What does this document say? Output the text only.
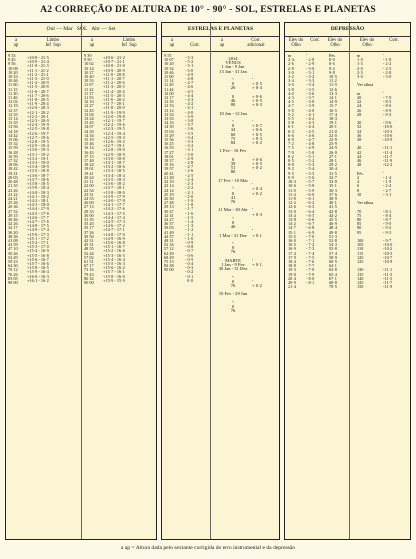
A2 CORREÇÃO DE ALTURA DE 10° - 90° - SOL, ESTRELAS E PLANETAS
Out — Mar SOL Abr — Set
a
ap
Limbo
Inf  Sup
a
ap
Limbo
Inf  Sup
9 33
9 45
9 56
10 08
10 20
10 33
10 46
11 00
11 15
11 30
11 46
12 02
12 19
12 37
12 55
13 14
13 35
13 56
14 18
14 42
15 06
15 32
15 59
16 28
16 59
17 32
18 06
18 42
19 21
20 03
20 48
21 35
22 26
23 22
24 21
25 26
26 36
27 52
29 15
30 46
32 26
34 17
36 20
38 36
41 08
43 59
47 10
50 46
54 49
59 23
64 30
70 12
76 26
83 05
90 00
+10·8 - 21·5
+10·9 - 21·4
+11·0 - 21·3
+11·1 - 21·2
+11·2 - 21·1
+11·3 - 21·0
+11·4 - 20·9
+11·5 - 20·8
+11·6 - 20·7
+11·7 - 20·6
+11·8 - 20·5
+11·9 - 20·4
+12·0 - 20·3
+12·1 - 20·2
+12·2 - 20·1
+12·3 - 20·0
+12·4 - 19·9
+12·5 - 19·8
+12·6 - 19·7
+12·7 - 19·6
+12·8 - 19·5
+12·9 - 19·4
+13·0 - 19·3
+13·1 - 19·2
+13·2 - 19·1
+13·3 - 19·0
+13·4 - 18·9
+13·5 - 18·8
+13·6 - 18·7
+13·7 - 18·6
+13·8 - 18·5
+13·9 - 18·4
+14·0 - 18·3
+14·1 - 18·2
+14·2 - 18·1
+14·3 - 18·0
+14·4 - 17·9
+14·5 - 17·8
+14·6 - 17·7
+14·7 - 17·6
+14·8 - 17·5
+14·9 - 17·4
+15·0 - 17·3
+15·1 - 17·2
+15·2 - 17·1
+15·3 - 17·0
+15·4 - 16·9
+15·5 - 16·8
+15·6 - 16·7
+15·7 - 16·6
+15·8 - 16·5
+15·9 - 16·4
+16·0 - 16·3
+16·1 - 16·2
9 39
9 50
10 02
10 14
10 27
10 40
10 53
11 07
11 22
11 37
11 53
12 10
12 27
12 45
13 04
13 24
13 45
14 07
14 30
14 54
15 19
15 46
16 14
16 43
17 15
17 48
18 24
19 01
19 41
20 24
21 11
22 00
22 54
23 51
24 53
26 00
27 13
28 33
30 00
31 35
33 20
35 17
37 26
39 50
42 31
45 31
48 55
52 44
57 02
61 51
67 17
73 16
79 43
86 32
90 00
+10·6 - 21·2
+10·7 - 21·1
+10·8 - 21·0
+10·9 - 20·9
+11·0 - 20·8
+11·1 - 20·7
+11·2 - 20·6
+11·3 - 20·5
+11·4 - 20·4
+11·5 - 20·3
+11·6 - 20·2
+11·7 - 20·1
+11·8 - 20·0
+11·9 - 19·9
+12·0 - 19·8
+12·1 - 19·7
+12·2 - 19·6
+12·3 - 19·5
+12·4 - 19·4
+12·5 - 19·3
+12·6 - 19·2
+12·7 - 19·1
+12·8 - 19·0
+12·9 - 18·9
+13·0 - 18·8
+13·1 - 18·7
+13·2 - 18·6
+13·3 - 18·5
+13·4 - 18·4
+13·5 - 18·3
+13·6 - 18·2
+13·7 - 18·1
+13·8 - 18·0
+13·9 - 17·9
+14·0 - 17·8
+14·1 - 17·7
+14·2 - 17·6
+14·3 - 17·5
+14·4 - 17·4
+14·5 - 17·3
+14·6 - 17·2
+14·7 - 17·1
+14·8 - 17·0
+14·9 - 16·9
+15·0 - 16·8
+15·1 - 16·7
+15·2 - 16·6
+15·3 - 16·5
+15·4 - 16·4
+15·5 - 16·3
+15·6 - 16·2
+15·7 - 16·1
+15·8 - 16·0
+15·9 - 15·9
ESTRELAS E PLANETAS
a
ap	
Corr.
a
ap
Corr.
adicional
9 55
10 07
10 20
10 32
10 46
11 00
11 14
11 29
11 44
12 00
12 17
12 35
12 53
13 12
13 32
13 53
14 16
14 39
15 03
15 29
15 56
16 25
16 55
17 27
18 01
18 37
19 16
19 57
20 41
21 28
22 19
23 14
24 14
25 19
26 30
27 48
29 13
30 47
32 31
34 27
36 37
39 03
41 49
44 57
48 31
52 34
57 12
62 29
68 29
75 13
82 38
90 00
- 5·3
- 5·2
- 5·1
- 5·0
- 4·9
- 4·8
- 4·7
- 4·6
- 4·5
- 4·4
- 4·3
- 4·2
- 4·1
- 4·0
- 3·9
- 3·8
- 3·7
- 3·6
- 3·5
- 3·4
- 3·3
- 3·2
- 3·1
- 3·0
- 2·9
- 2·8
- 2·7
- 2·6
- 2·5
- 2·4
- 2·3
- 2·2
- 2·1
- 2·0
- 1·9
- 1·8
- 1·7
- 1·6
- 1·5
- 1·4
- 1·3
- 1·2
- 1·1
- 1·0
- 0·9
- 0·8
- 0·7
- 0·6
- 0·5
- 0·4
- 0·3
- 0·2
- 0·1
0·0
2014
VÉNUS
1 Jan - 9 Jan
13 Jan - 31 Jan

°
0
26

0
46
80

10 Jan - 12 Jan

°
0
34
60
75
84

1 Fev - 16 Fev

0
39
51
80

17 Fev - 10 Mar

°
0
41
76

11 Mar - 30 Abr

°
0
46

1 Mai - 31 Dez

°
0
76

MARTE
1 Jan - 9 Fev
30 Jan - 31 Dez

°
0
76

10 Fev - 29 Jun

°
0
76

'
+ 0·5
+ 0·4

+ 0·6
+ 0·5
+ 0·3

'
+ 0·7
+ 0·6
+ 0·5
+ 0·3
+ 0·2

+ 0·6
+ 0·5
+ 0·2

'
+ 0·4
+ 0·2

'
+ 0·3

'
+ 0·1

'
+ 0·1

'
+ 0·2
DEPRESSÃO
Elev do
Olho
Corr.	Elev do
Olho
Elev do
Olho
Corr.
m
2·4
2·6
2·8
3·0
3·2
3·4
3·6
3·8
4·0
4·3
4·5
4·7
5·0
5·2
5·5
5·8
6·1
6·3
6·6
6·9
7·2
7·5
7·9
8·2
8·5
8·8
9·2
9·5
9·9
10·3
10·6
11·0
11·4
11·8
12·2
12·6
13·0
13·4
13·8
14·2
14·7
15·1
15·5
16·0
16·5
16·9
17·4
17·9
18·4
18·8
19·3
19·8
20·4
20·9
21·4
'
- 2·8
- 2·9
- 3·0
- 3·1
- 3·2
- 3·3
- 3·4
- 3·5
- 3·6
- 3·7
- 3·8
- 3·9
- 4·0
- 4·1
- 4·2
- 4·3
- 4·4
- 4·5
- 4·6
- 4·7
- 4·8
- 4·9
- 5·0
- 5·1
- 5·2
- 5·3
- 5·4
- 5·5
- 5·6
- 5·7
- 5·8
- 5·9
- 6·0
- 6·1
- 6·2
- 6·3
- 6·4
- 6·5
- 6·6
- 6·7
- 6·8
- 6·9
- 7·0
- 7·1
- 7·2
- 7·3
- 7·4
- 7·5
- 7·6
- 7·7
- 7·8
- 7·9
- 8·0
- 8·1
Pés
8·0
8·6
9·2
9·8
10·5
11·2
11·9
12·6
13·3
14·1
14·9
15·7
16·5
17·4
18·3
19·1
20·1
21·0
22·0
22·9
23·9
24·9
26·0
27·1
28·1
29·2
30·4
31·5
32·7
33·9
35·1
36·3
37·6
38·9
40·1
41·5
42·8
44·2
45·5
46·9
48·4
49·8
51·3
52·8
54·3
55·8
57·4
58·9
60·5
62·1
63·8
65·4
67·1
68·8
70·5
m
1·0
1·5
2·0
2·5
3·0

Ver tábua

m
20
22
24
26
28

30
32
34
36
38

40
42
44
46
48

Pés
2
4
6
8
10

Ver tábua

70
75
80
85
90
95

100
105
110
115
120
125

130
135
140
145
150
'
- 1·8
- 2·2
- 2·5
- 2·8
- 3·0

'
- 7·9
- 8·3
- 8·6
- 8·9
- 9·3

- 9·6
-10·0
-10·3
-10·6
-10·9

-11·1
-11·4
-11·7
-11·9
-12·2

'
- 1·4
- 1·9
- 2·4
- 2·7
- 3·1

- 8·1
- 8·4
- 8·7
- 9·0
- 9·2
- 9·5

- 9·7
-10·0
-10·2
-10·5
-10·7
-10·9

-11·1
-11·3
-11·5
-11·7
-11·9
a ap = Altura dada pelo sextante corrigida do erro instrumental e da depressão
